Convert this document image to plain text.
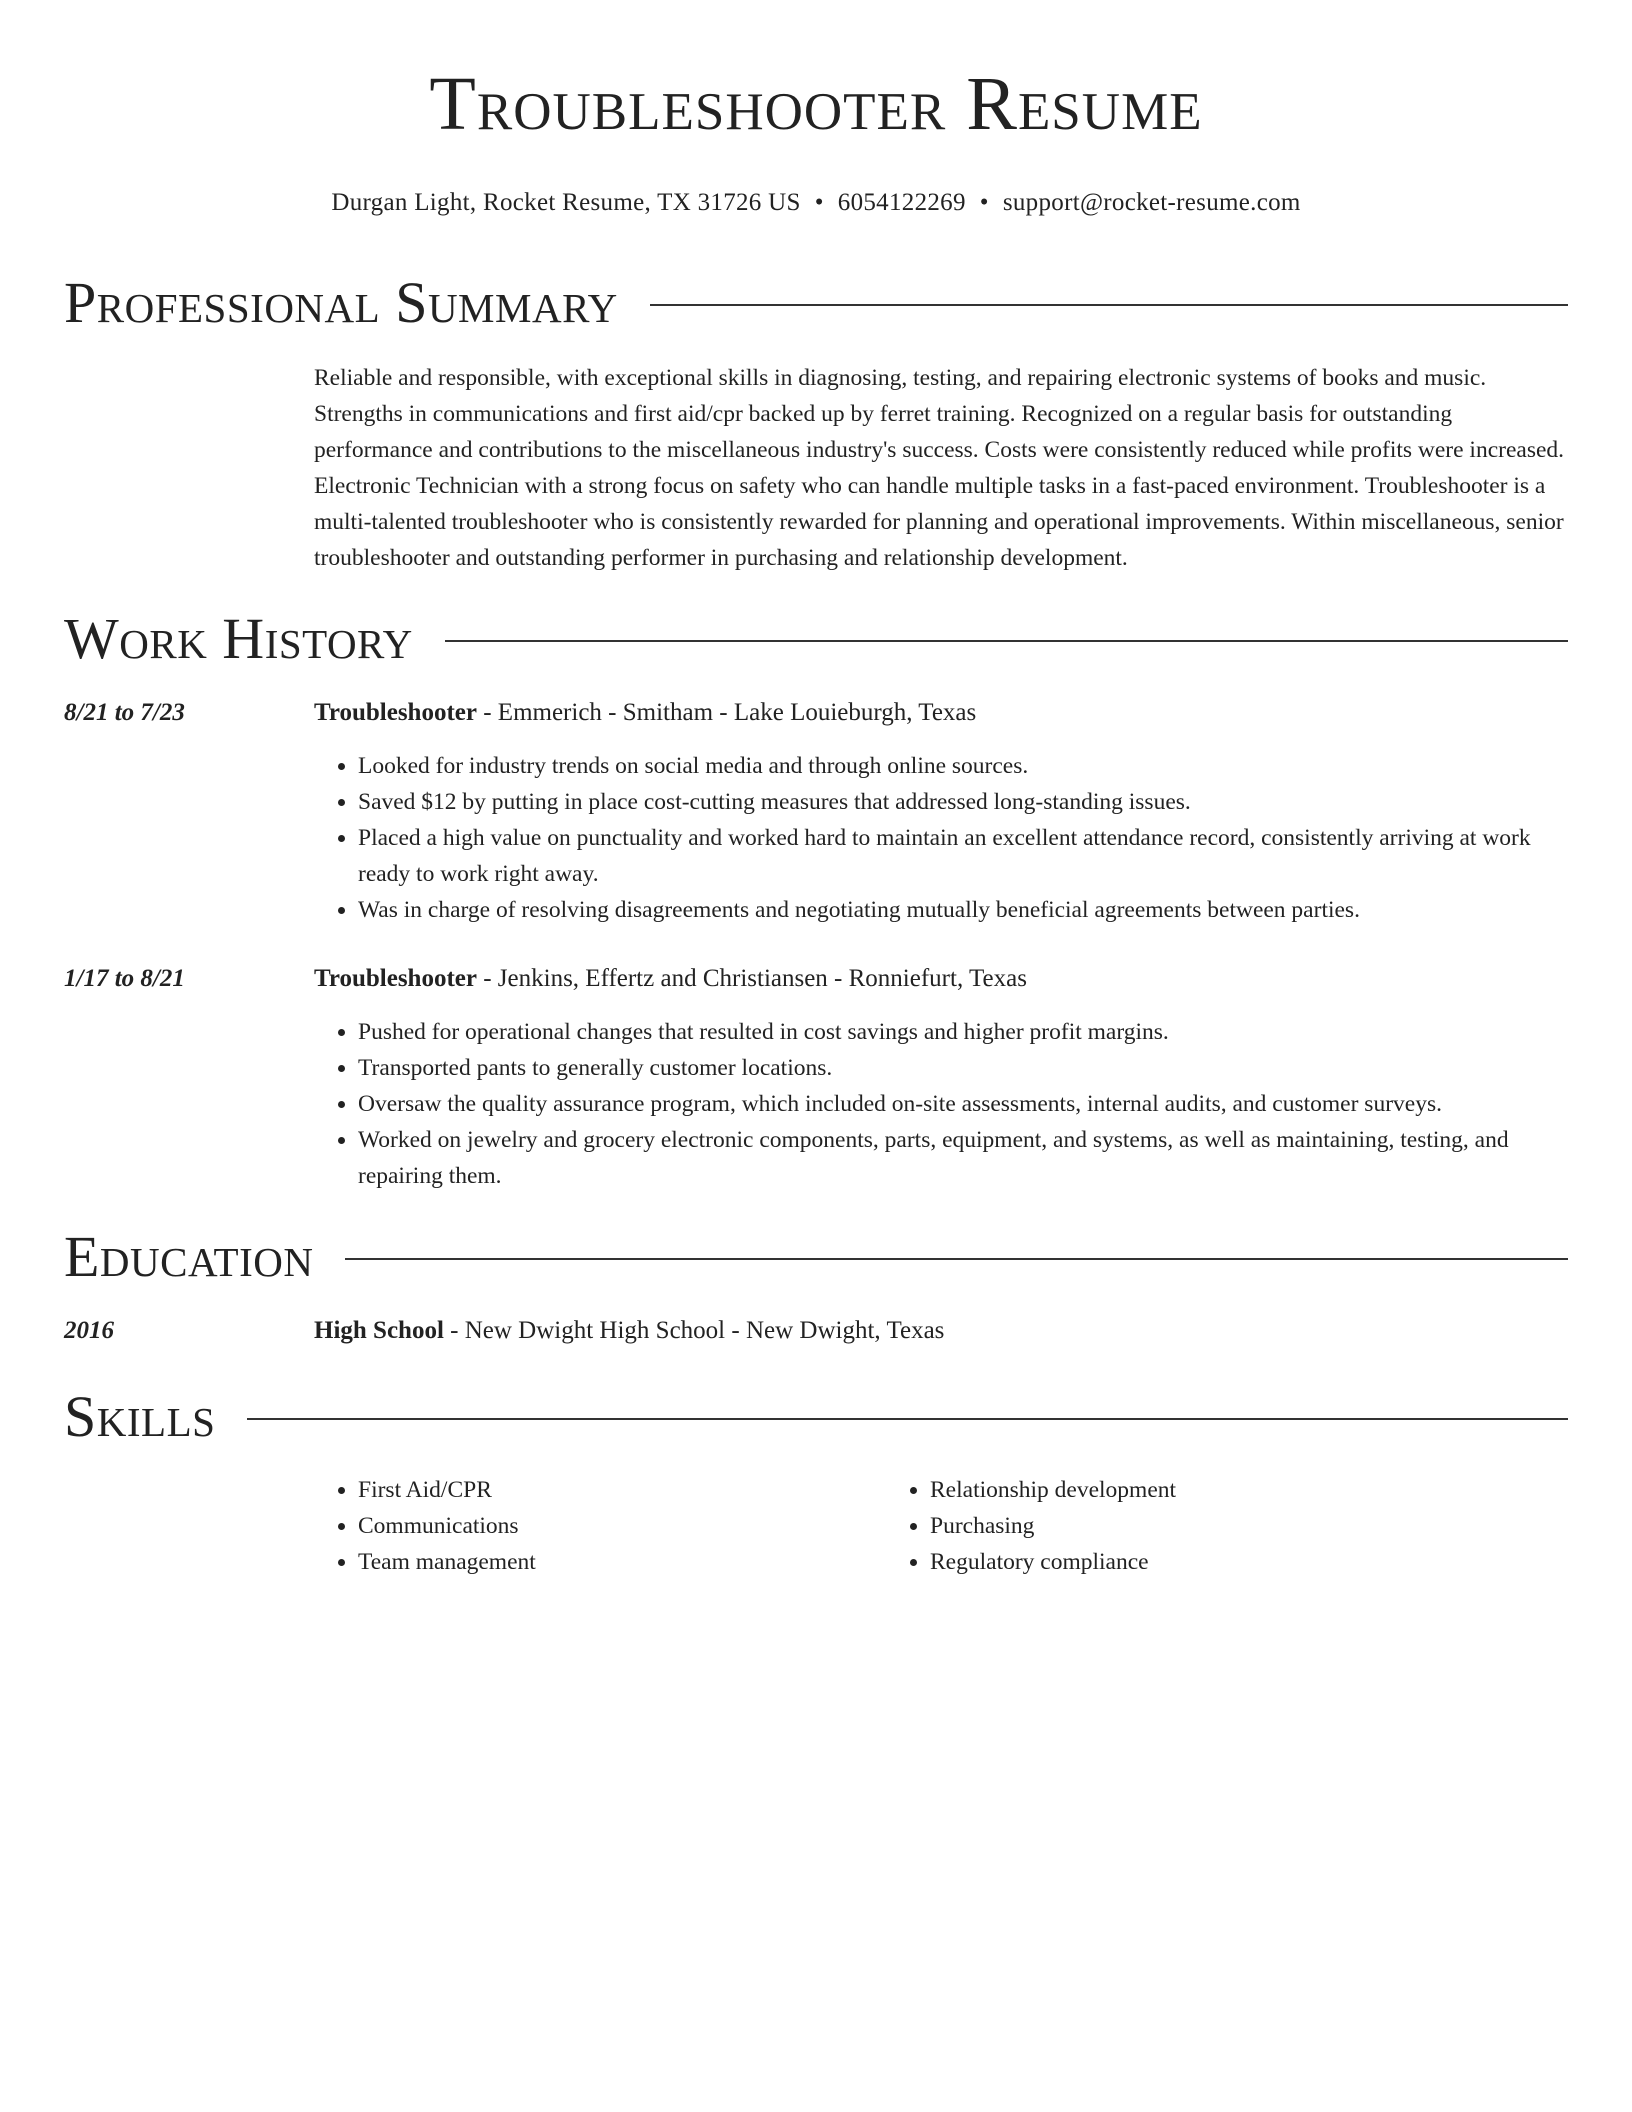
Troubleshooter Resume
Durgan Light, Rocket Resume, TX 31726 US • 6054122269 • support@rocket-resume.com
Professional Summary
Reliable and responsible, with exceptional skills in diagnosing, testing, and repairing electronic systems of books and music. Strengths in communications and first aid/cpr backed up by ferret training. Recognized on a regular basis for outstanding performance and contributions to the miscellaneous industry's success. Costs were consistently reduced while profits were increased. Electronic Technician with a strong focus on safety who can handle multiple tasks in a fast-paced environment. Troubleshooter is a multi-talented troubleshooter who is consistently rewarded for planning and operational improvements. Within miscellaneous, senior troubleshooter and outstanding performer in purchasing and relationship development.
Work History
8/21 to 7/23	Troubleshooter - Emmerich - Smitham - Lake Louieburgh, Texas
• Looked for industry trends on social media and through online sources.
• Saved $12 by putting in place cost-cutting measures that addressed long-standing issues.
• Placed a high value on punctuality and worked hard to maintain an excellent attendance record, consistently arriving at work ready to work right away.
• Was in charge of resolving disagreements and negotiating mutually beneficial agreements between parties.
1/17 to 8/21	Troubleshooter - Jenkins, Effertz and Christiansen - Ronniefurt, Texas
• Pushed for operational changes that resulted in cost savings and higher profit margins.
• Transported pants to generally customer locations.
• Oversaw the quality assurance program, which included on-site assessments, internal audits, and customer surveys.
• Worked on jewelry and grocery electronic components, parts, equipment, and systems, as well as maintaining, testing, and repairing them.
Education
2016	High School - New Dwight High School - New Dwight, Texas
Skills
• First Aid/CPR
• Communications
• Team management
• Relationship development
• Purchasing
• Regulatory compliance
